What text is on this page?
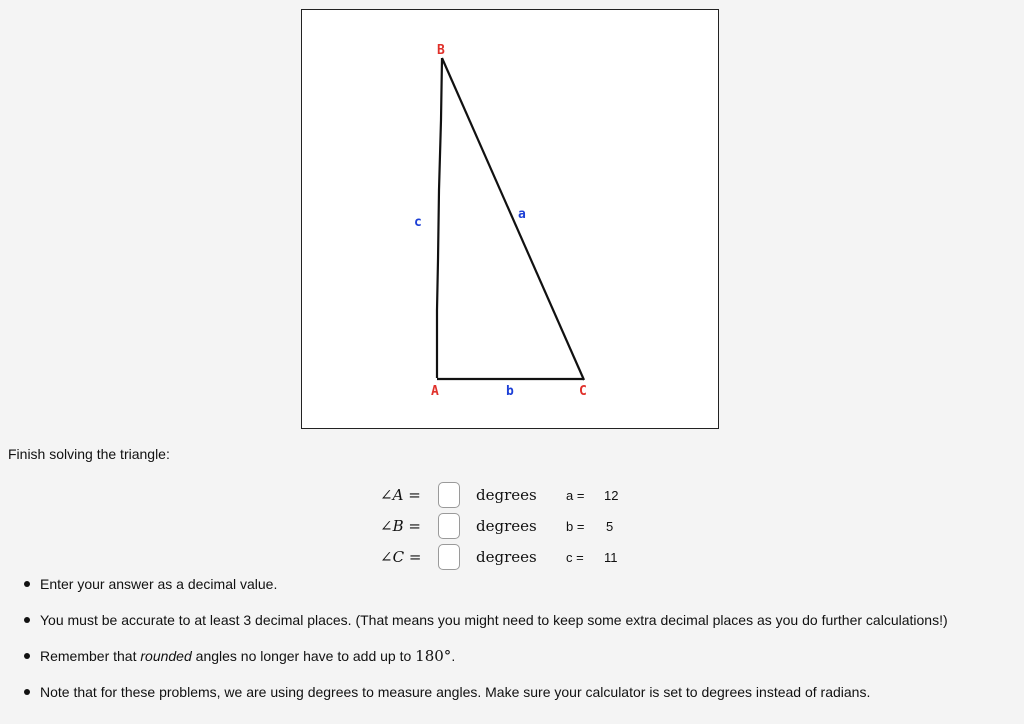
B
A	C
a
b
c
Finish solving the triangle:
∠A =	degrees	a =	12
∠B =	degrees	b =	5
∠C =	degrees	c =	11
Enter your answer as a decimal value.
You must be accurate to at least 3 decimal places. (That means you might need to keep some extra decimal places as you do further calculations!)
Remember that rounded angles no longer have to add up to 180°.
Note that for these problems, we are using degrees to measure angles. Make sure your calculator is set to degrees instead of radians.
